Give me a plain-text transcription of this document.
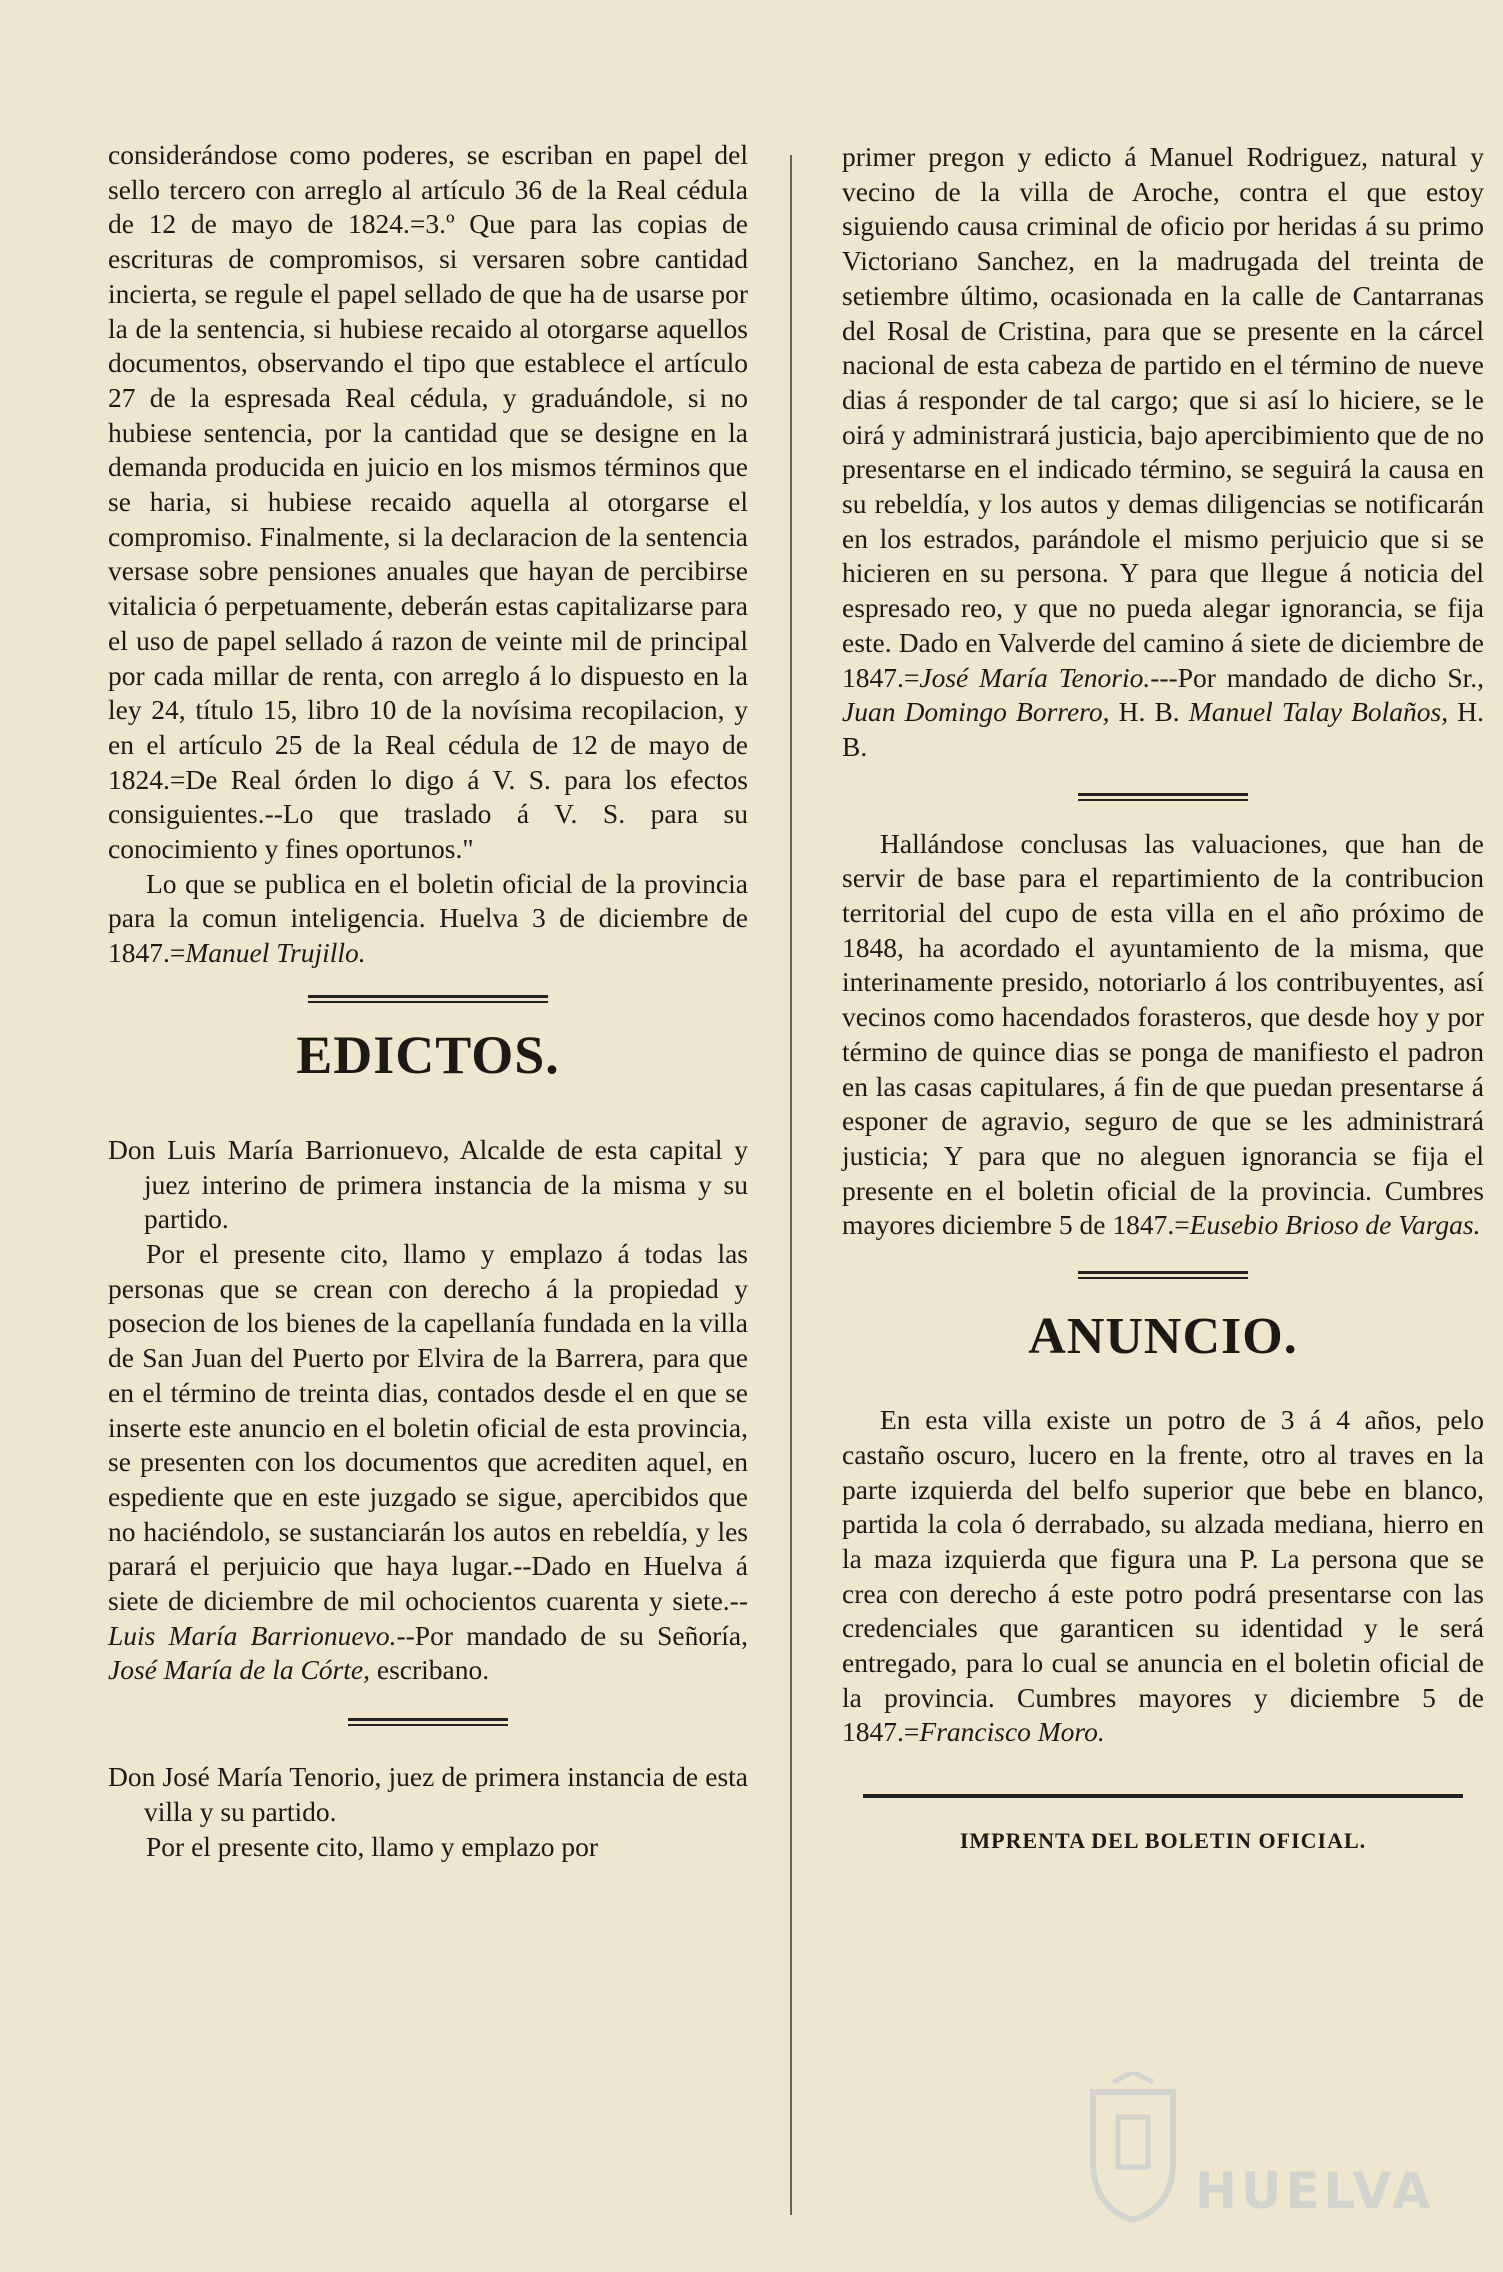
considerándose como poderes, se escriban en papel del sello tercero con arreglo al artículo 36 de la Real cédula de 12 de mayo de 1824.=3.º Que para las copias de escrituras de compromisos, si versaren sobre cantidad incierta, se regule el papel sellado de que ha de usarse por la de la sentencia, si hubiese recaido al otorgarse aquellos documentos, observando el tipo que establece el artículo 27 de la espresada Real cédula, y graduándole, si no hubiese sentencia, por la cantidad que se designe en la demanda producida en juicio en los mismos términos que se haria, si hubiese recaido aquella al otorgarse el compromiso. Finalmente, si la declaracion de la sentencia versase sobre pensiones anuales que hayan de percibirse vitalicia ó perpetuamente, deberán estas capitalizarse para el uso de papel sellado á razon de veinte mil de principal por cada millar de renta, con arreglo á lo dispuesto en la ley 24, título 15, libro 10 de la novísima recopilacion, y en el artículo 25 de la Real cédula de 12 de mayo de 1824.=De Real órden lo digo á V. S. para los efectos consiguientes.--Lo que traslado á V. S. para su conocimiento y fines oportunos."

Lo que se publica en el boletin oficial de la provincia para la comun inteligencia. Huelva 3 de diciembre de 1847.=Manuel Trujillo.

EDICTOS.

Don Luis María Barrionuevo, Alcalde de esta capital y juez interino de primera instancia de la misma y su partido.

Por el presente cito, llamo y emplazo á todas las personas que se crean con derecho á la propiedad y posecion de los bienes de la capellanía fundada en la villa de San Juan del Puerto por Elvira de la Barrera, para que en el término de treinta dias, contados desde el en que se inserte este anuncio en el boletin oficial de esta provincia, se presenten con los documentos que acrediten aquel, en espediente que en este juzgado se sigue, apercibidos que no haciéndolo, se sustanciarán los autos en rebeldía, y les parará el perjuicio que haya lugar.--Dado en Huelva á siete de diciembre de mil ochocientos cuarenta y siete.--Luis María Barrionuevo.--Por mandado de su Señoría, José María de la Córte, escribano.

Don José María Tenorio, juez de primera instancia de esta villa y su partido.

Por el presente cito, llamo y emplazo por

primer pregon y edicto á Manuel Rodriguez, natural y vecino de la villa de Aroche, contra el que estoy siguiendo causa criminal de oficio por heridas á su primo Victoriano Sanchez, en la madrugada del treinta de setiembre último, ocasionada en la calle de Cantarranas del Rosal de Cristina, para que se presente en la cárcel nacional de esta cabeza de partido en el término de nueve dias á responder de tal cargo; que si así lo hiciere, se le oirá y administrará justicia, bajo apercibimiento que de no presentarse en el indicado término, se seguirá la causa en su rebeldía, y los autos y demas diligencias se notificarán en los estrados, parándole el mismo perjuicio que si se hicieren en su persona. Y para que llegue á noticia del espresado reo, y que no pueda alegar ignorancia, se fija este. Dado en Valverde del camino á siete de diciembre de 1847.=José María Tenorio.---Por mandado de dicho Sr., Juan Domingo Borrero, H. B. Manuel Talay Bolaños, H. B.

Hallándose conclusas las valuaciones, que han de servir de base para el repartimiento de la contribucion territorial del cupo de esta villa en el año próximo de 1848, ha acordado el ayuntamiento de la misma, que interinamente presido, notoriarlo á los contribuyentes, así vecinos como hacendados forasteros, que desde hoy y por término de quince dias se ponga de manifiesto el padron en las casas capitulares, á fin de que puedan presentarse á esponer de agravio, seguro de que se les administrará justicia; Y para que no aleguen ignorancia se fija el presente en el boletin oficial de la provincia. Cumbres mayores diciembre 5 de 1847.=Eusebio Brioso de Vargas.

ANUNCIO.

En esta villa existe un potro de 3 á 4 años, pelo castaño oscuro, lucero en la frente, otro al traves en la parte izquierda del belfo superior que bebe en blanco, partida la cola ó derrabado, su alzada mediana, hierro en la maza izquierda que figura una P. La persona que se crea con derecho á este potro podrá presentarse con las credenciales que garanticen su identidad y le será entregado, para lo cual se anuncia en el boletin oficial de la provincia. Cumbres mayores y diciembre 5 de 1847.=Francisco Moro.

IMPRENTA DEL BOLETIN OFICIAL.
HUELVA
